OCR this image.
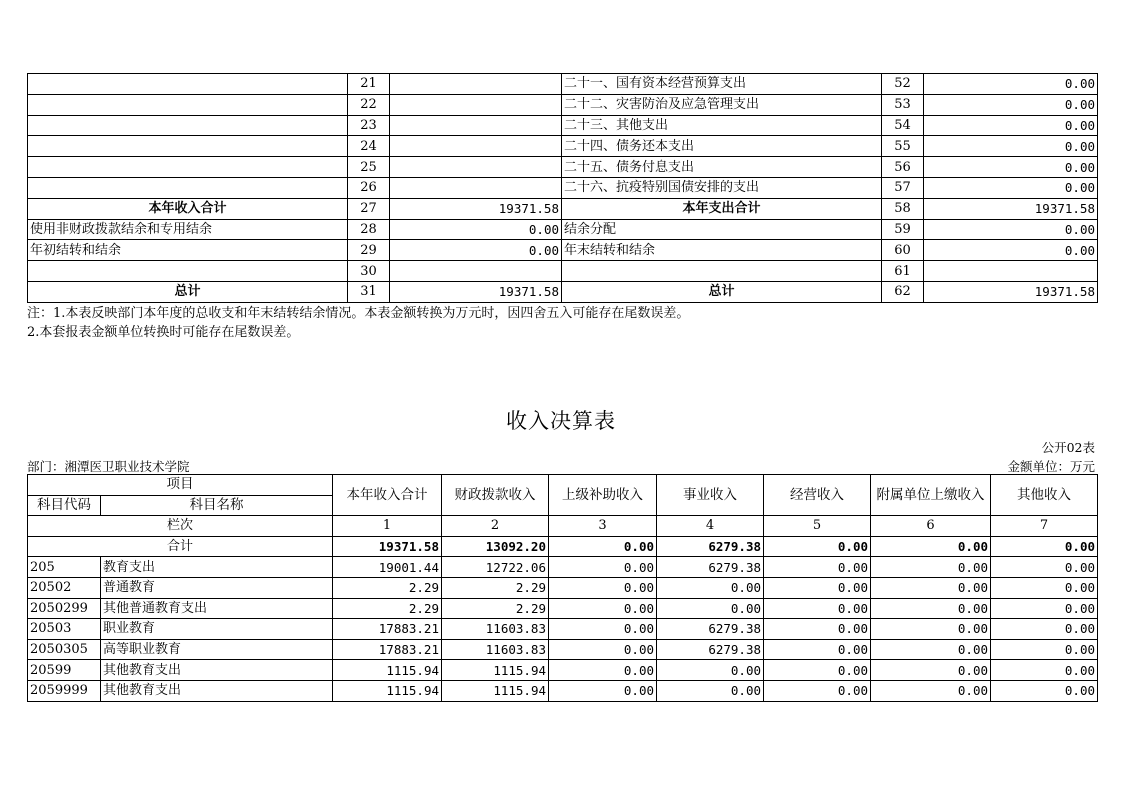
	21		二十一、国有资本经营预算支出	52	0.00
	22		二十二、灾害防治及应急管理支出	53	0.00
	23		二十三、其他支出	54	0.00
	24		二十四、债务还本支出	55	0.00
	25		二十五、债务付息支出	56	0.00
	26		二十六、抗疫特别国债安排的支出	57	0.00
本年收入合计	27	19371.58	本年支出合计	58	19371.58
使用非财政拨款结余和专用结余	28	0.00	结余分配	59	0.00
年初结转和结余	29	0.00	年末结转和结余	60	0.00
	30			61	
总计	31	19371.58	总计	62	19371.58
注：1.本表反映部门本年度的总收支和年末结转结余情况。本表金额转换为万元时，因四舍五入可能存在尾数误差。
2.本套报表金额单位转换时可能存在尾数误差。
收入决算表
公开02表
部门：湘潭医卫职业技术学院	金额单位：万元
项目		本年收入合计	财政拨款收入	上级补助收入	事业收入	经营收入	附属单位上缴收入	其他收入
科目代码	科目名称							
栏次		1	2	3	4	5	6	7
合计		19371.58	13092.20	0.00	6279.38	0.00	0.00	0.00
205	教育支出	19001.44	12722.06	0.00	6279.38	0.00	0.00	0.00
20502	普通教育	2.29	2.29	0.00	0.00	0.00	0.00	0.00
2050299	其他普通教育支出	2.29	2.29	0.00	0.00	0.00	0.00	0.00
20503	职业教育	17883.21	11603.83	0.00	6279.38	0.00	0.00	0.00
2050305	高等职业教育	17883.21	11603.83	0.00	6279.38	0.00	0.00	0.00
20599	其他教育支出	1115.94	1115.94	0.00	0.00	0.00	0.00	0.00
2059999	其他教育支出	1115.94	1115.94	0.00	0.00	0.00	0.00	0.00
